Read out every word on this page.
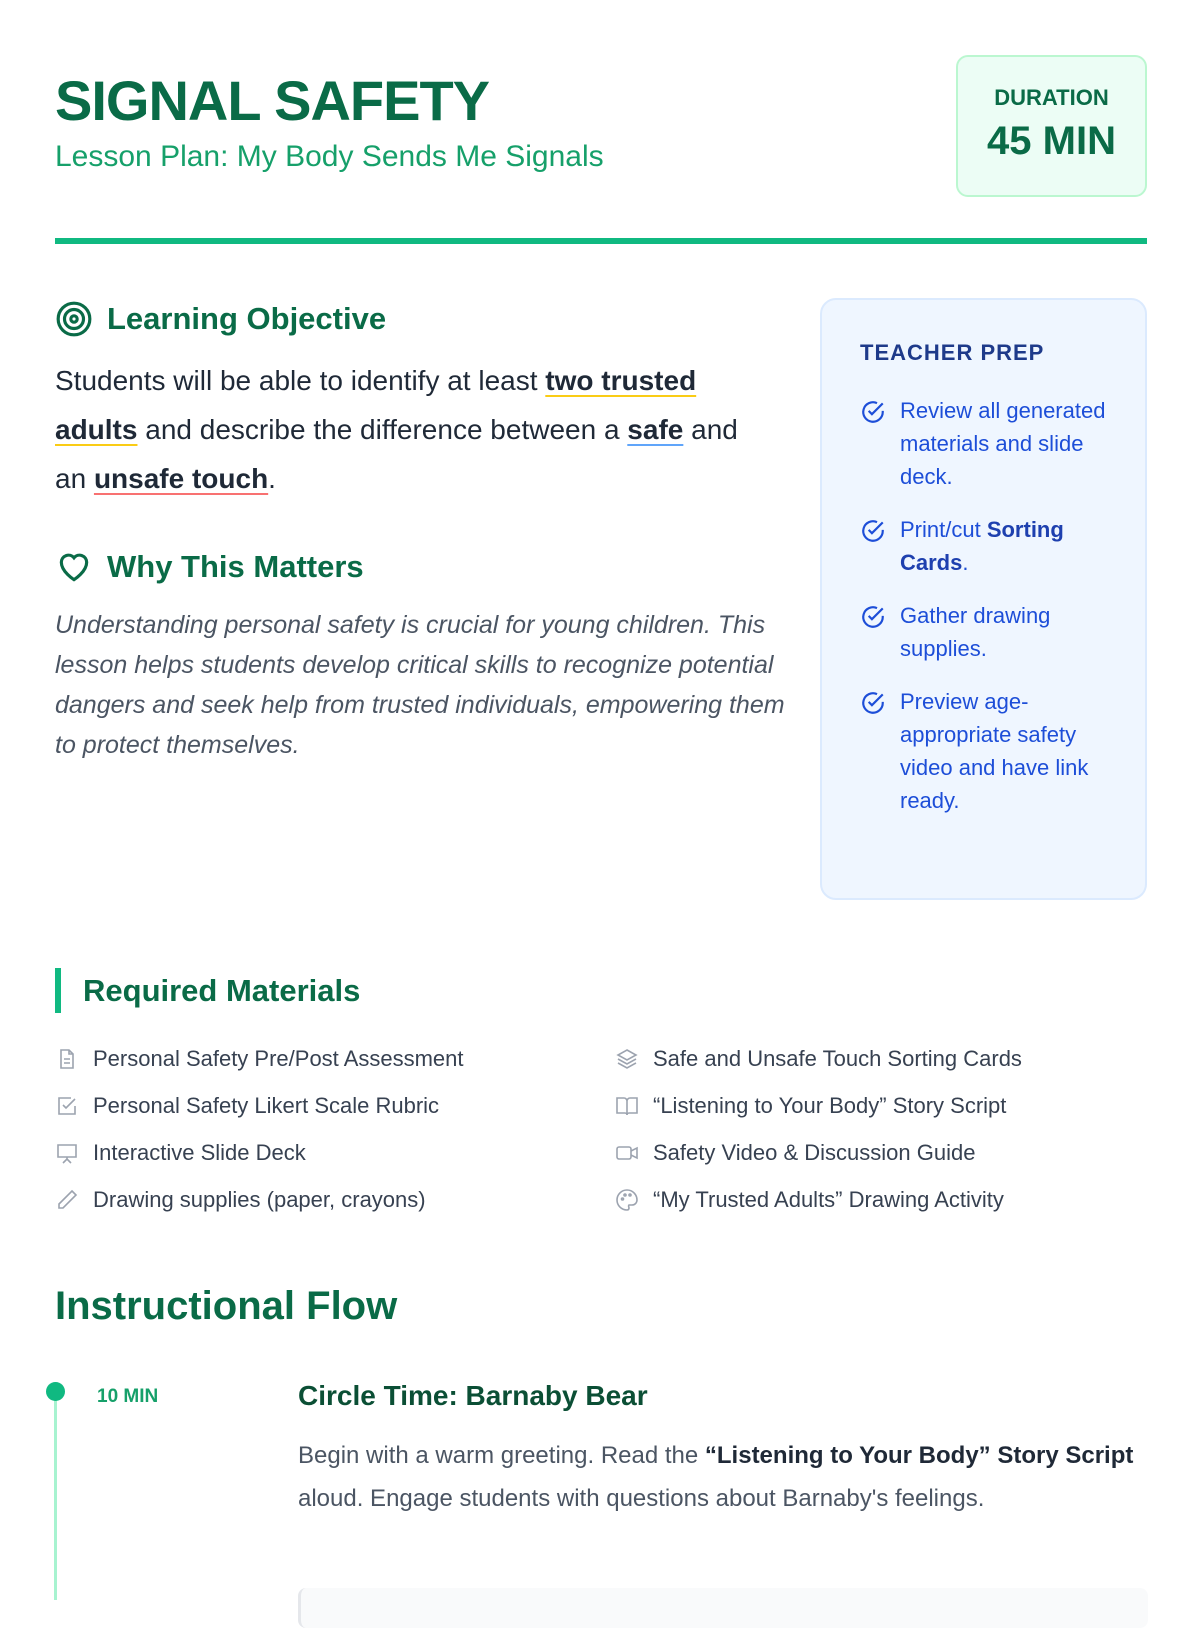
SIGNAL SAFETY
Lesson Plan: My Body Sends Me Signals
DURATION
45 MIN
Learning Objective
Students will be able to identify at least two trusted adults and describe the difference between a safe and an unsafe touch.
Why This Matters
Understanding personal safety is crucial for young children. This lesson helps students develop critical skills to recognize potential dangers and seek help from trusted individuals, empowering them to protect themselves.
TEACHER PREP
Review all generated materials and slide deck.
Print/cut Sorting Cards.
Gather drawing supplies.
Preview age-appropriate safety video and have link ready.
Required Materials
Personal Safety Pre/Post Assessment
Personal Safety Likert Scale Rubric
Interactive Slide Deck
Drawing supplies (paper, crayons)
Safe and Unsafe Touch Sorting Cards
“Listening to Your Body” Story Script
Safety Video & Discussion Guide
“My Trusted Adults” Drawing Activity
Instructional Flow
10 MIN	Circle Time: Barnaby Bear
Begin with a warm greeting. Read the “Listening to Your Body” Story Script aloud. Engage students with questions about Barnaby's feelings.
